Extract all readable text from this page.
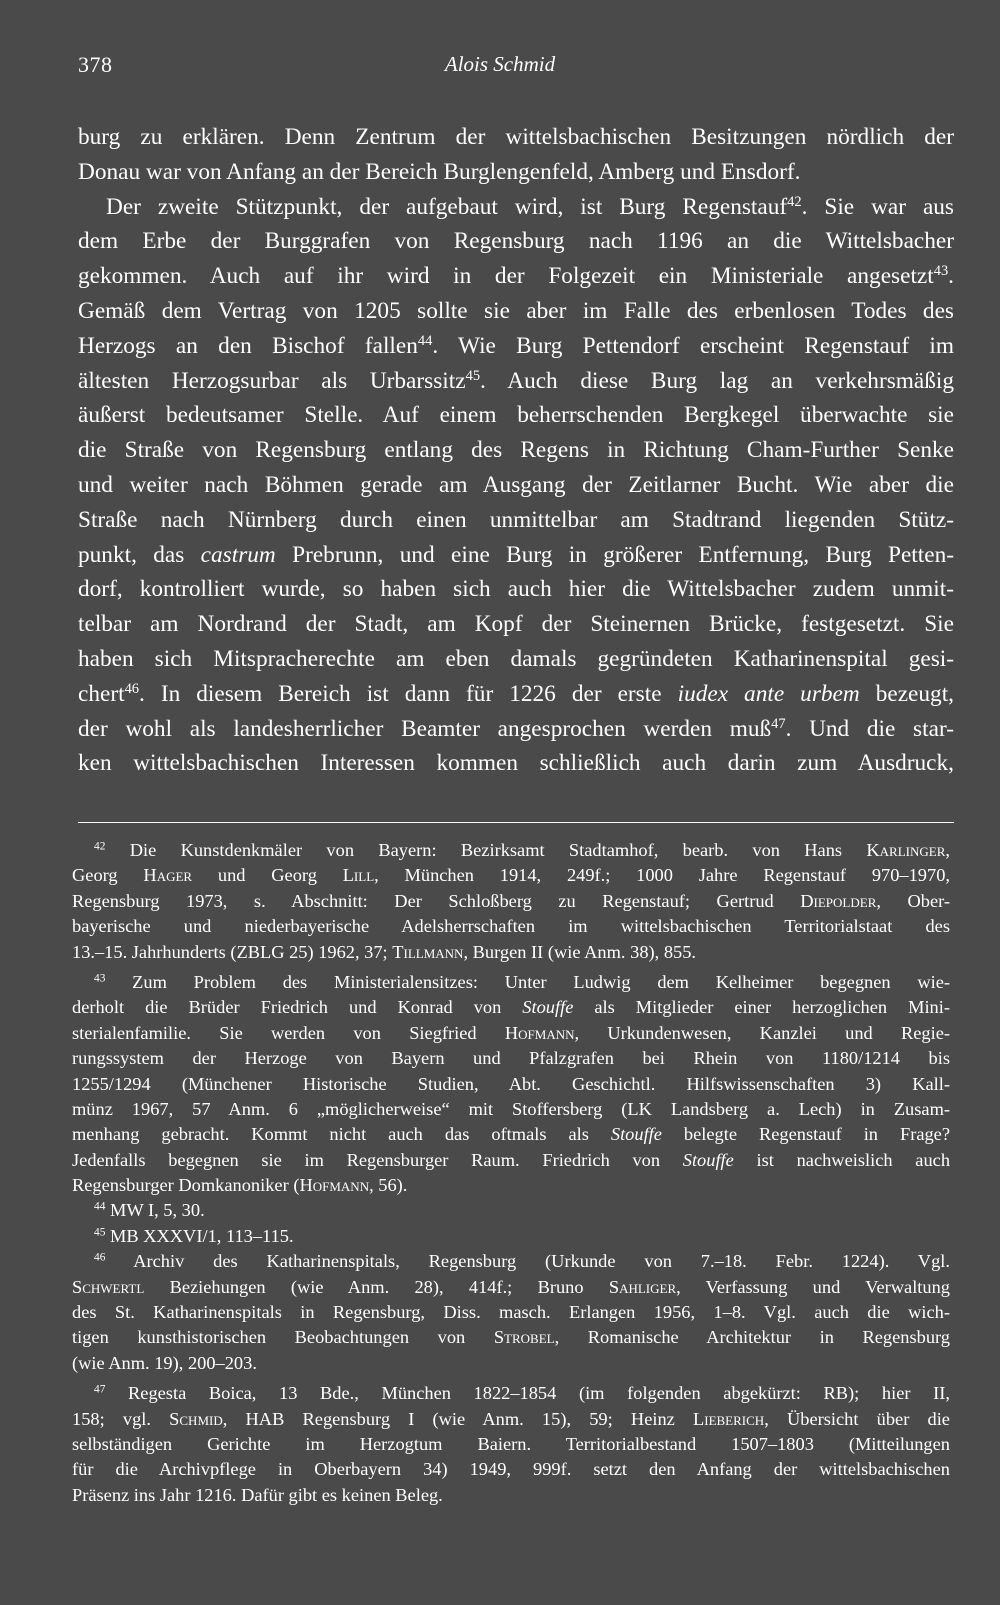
378	Alois Schmid
burg zu erklären. Denn Zentrum der wittelsbachischen Besitzungen nördlich der
Donau war von Anfang an der Bereich Burglengenfeld, Amberg und Ensdorf.
Der zweite Stützpunkt, der aufgebaut wird, ist Burg Regenstauf$^{42}$. Sie war aus
dem Erbe der Burggrafen von Regensburg nach 1196 an die Wittelsbacher
gekommen. Auch auf ihr wird in der Folgezeit ein Ministeriale angesetzt$^{43}$.
Gemäß dem Vertrag von 1205 sollte sie aber im Falle des erbenlosen Todes des
Herzogs an den Bischof fallen$^{44}$. Wie Burg Pettendorf erscheint Regenstauf im
ältesten Herzogsurbar als Urbarssitz$^{45}$. Auch diese Burg lag an verkehrsmäßig
äußerst bedeutsamer Stelle. Auf einem beherrschenden Bergkegel überwachte sie
die Straße von Regensburg entlang des Regens in Richtung Cham-Further Senke
und weiter nach Böhmen gerade am Ausgang der Zeitlarner Bucht. Wie aber die
Straße nach Nürnberg durch einen unmittelbar am Stadtrand liegenden Stütz-
punkt, das castrum Prebrunn, und eine Burg in größerer Entfernung, Burg Petten-
dorf, kontrolliert wurde, so haben sich auch hier die Wittelsbacher zudem unmit-
telbar am Nordrand der Stadt, am Kopf der Steinernen Brücke, festgesetzt. Sie
haben sich Mitspracherechte am eben damals gegründeten Katharinenspital gesi-
chert$^{46}$. In diesem Bereich ist dann für 1226 der erste iudex ante urbem bezeugt,
der wohl als landesherrlicher Beamter angesprochen werden muß$^{47}$. Und die star-
ken wittelsbachischen Interessen kommen schließlich auch darin zum Ausdruck,
$^{42}$ Die Kunstdenkmäler von Bayern: Bezirksamt Stadtamhof, bearb. von Hans Karlinger,
Georg Hager und Georg Lill, München 1914, 249f.; 1000 Jahre Regenstauf 970–1970,
Regensburg 1973, s. Abschnitt: Der Schloßberg zu Regenstauf; Gertrud Diepolder, Ober-
bayerische und niederbayerische Adelsherrschaften im wittelsbachischen Territorialstaat des
13.–15. Jahrhunderts (ZBLG 25) 1962, 37; Tillmann, Burgen II (wie Anm. 38), 855.
$^{43}$ Zum Problem des Ministerialensitzes: Unter Ludwig dem Kelheimer begegnen wie-
derholt die Brüder Friedrich und Konrad von Stouffe als Mitglieder einer herzoglichen Mini-
sterialenfamilie. Sie werden von Siegfried Hofmann, Urkundenwesen, Kanzlei und Regie-
rungssystem der Herzoge von Bayern und Pfalzgrafen bei Rhein von 1180/1214 bis
1255/1294 (Münchener Historische Studien, Abt. Geschichtl. Hilfswissenschaften 3) Kall-
münz 1967, 57 Anm. 6 „möglicherweise“ mit Stoffersberg (LK Landsberg a. Lech) in Zusam-
menhang gebracht. Kommt nicht auch das oftmals als Stouffe belegte Regenstauf in Frage?
Jedenfalls begegnen sie im Regensburger Raum. Friedrich von Stouffe ist nachweislich auch
Regensburger Domkanoniker (Hofmann, 56).
$^{44}$ MW I, 5, 30.
$^{45}$ MB XXXVI/1, 113–115.
$^{46}$ Archiv des Katharinenspitals, Regensburg (Urkunde von 7.–18. Febr. 1224). Vgl.
Schwertl Beziehungen (wie Anm. 28), 414f.; Bruno Sahliger, Verfassung und Verwaltung
des St. Katharinenspitals in Regensburg, Diss. masch. Erlangen 1956, 1–8. Vgl. auch die wich-
tigen kunsthistorischen Beobachtungen von Strobel, Romanische Architektur in Regensburg
(wie Anm. 19), 200–203.
$^{47}$ Regesta Boica, 13 Bde., München 1822–1854 (im folgenden abgekürzt: RB); hier II,
158; vgl. Schmid, HAB Regensburg I (wie Anm. 15), 59; Heinz Lieberich, Übersicht über die
selbständigen Gerichte im Herzogtum Baiern. Territorialbestand 1507–1803 (Mitteilungen
für die Archivpflege in Oberbayern 34) 1949, 999f. setzt den Anfang der wittelsbachischen
Präsenz ins Jahr 1216. Dafür gibt es keinen Beleg.
